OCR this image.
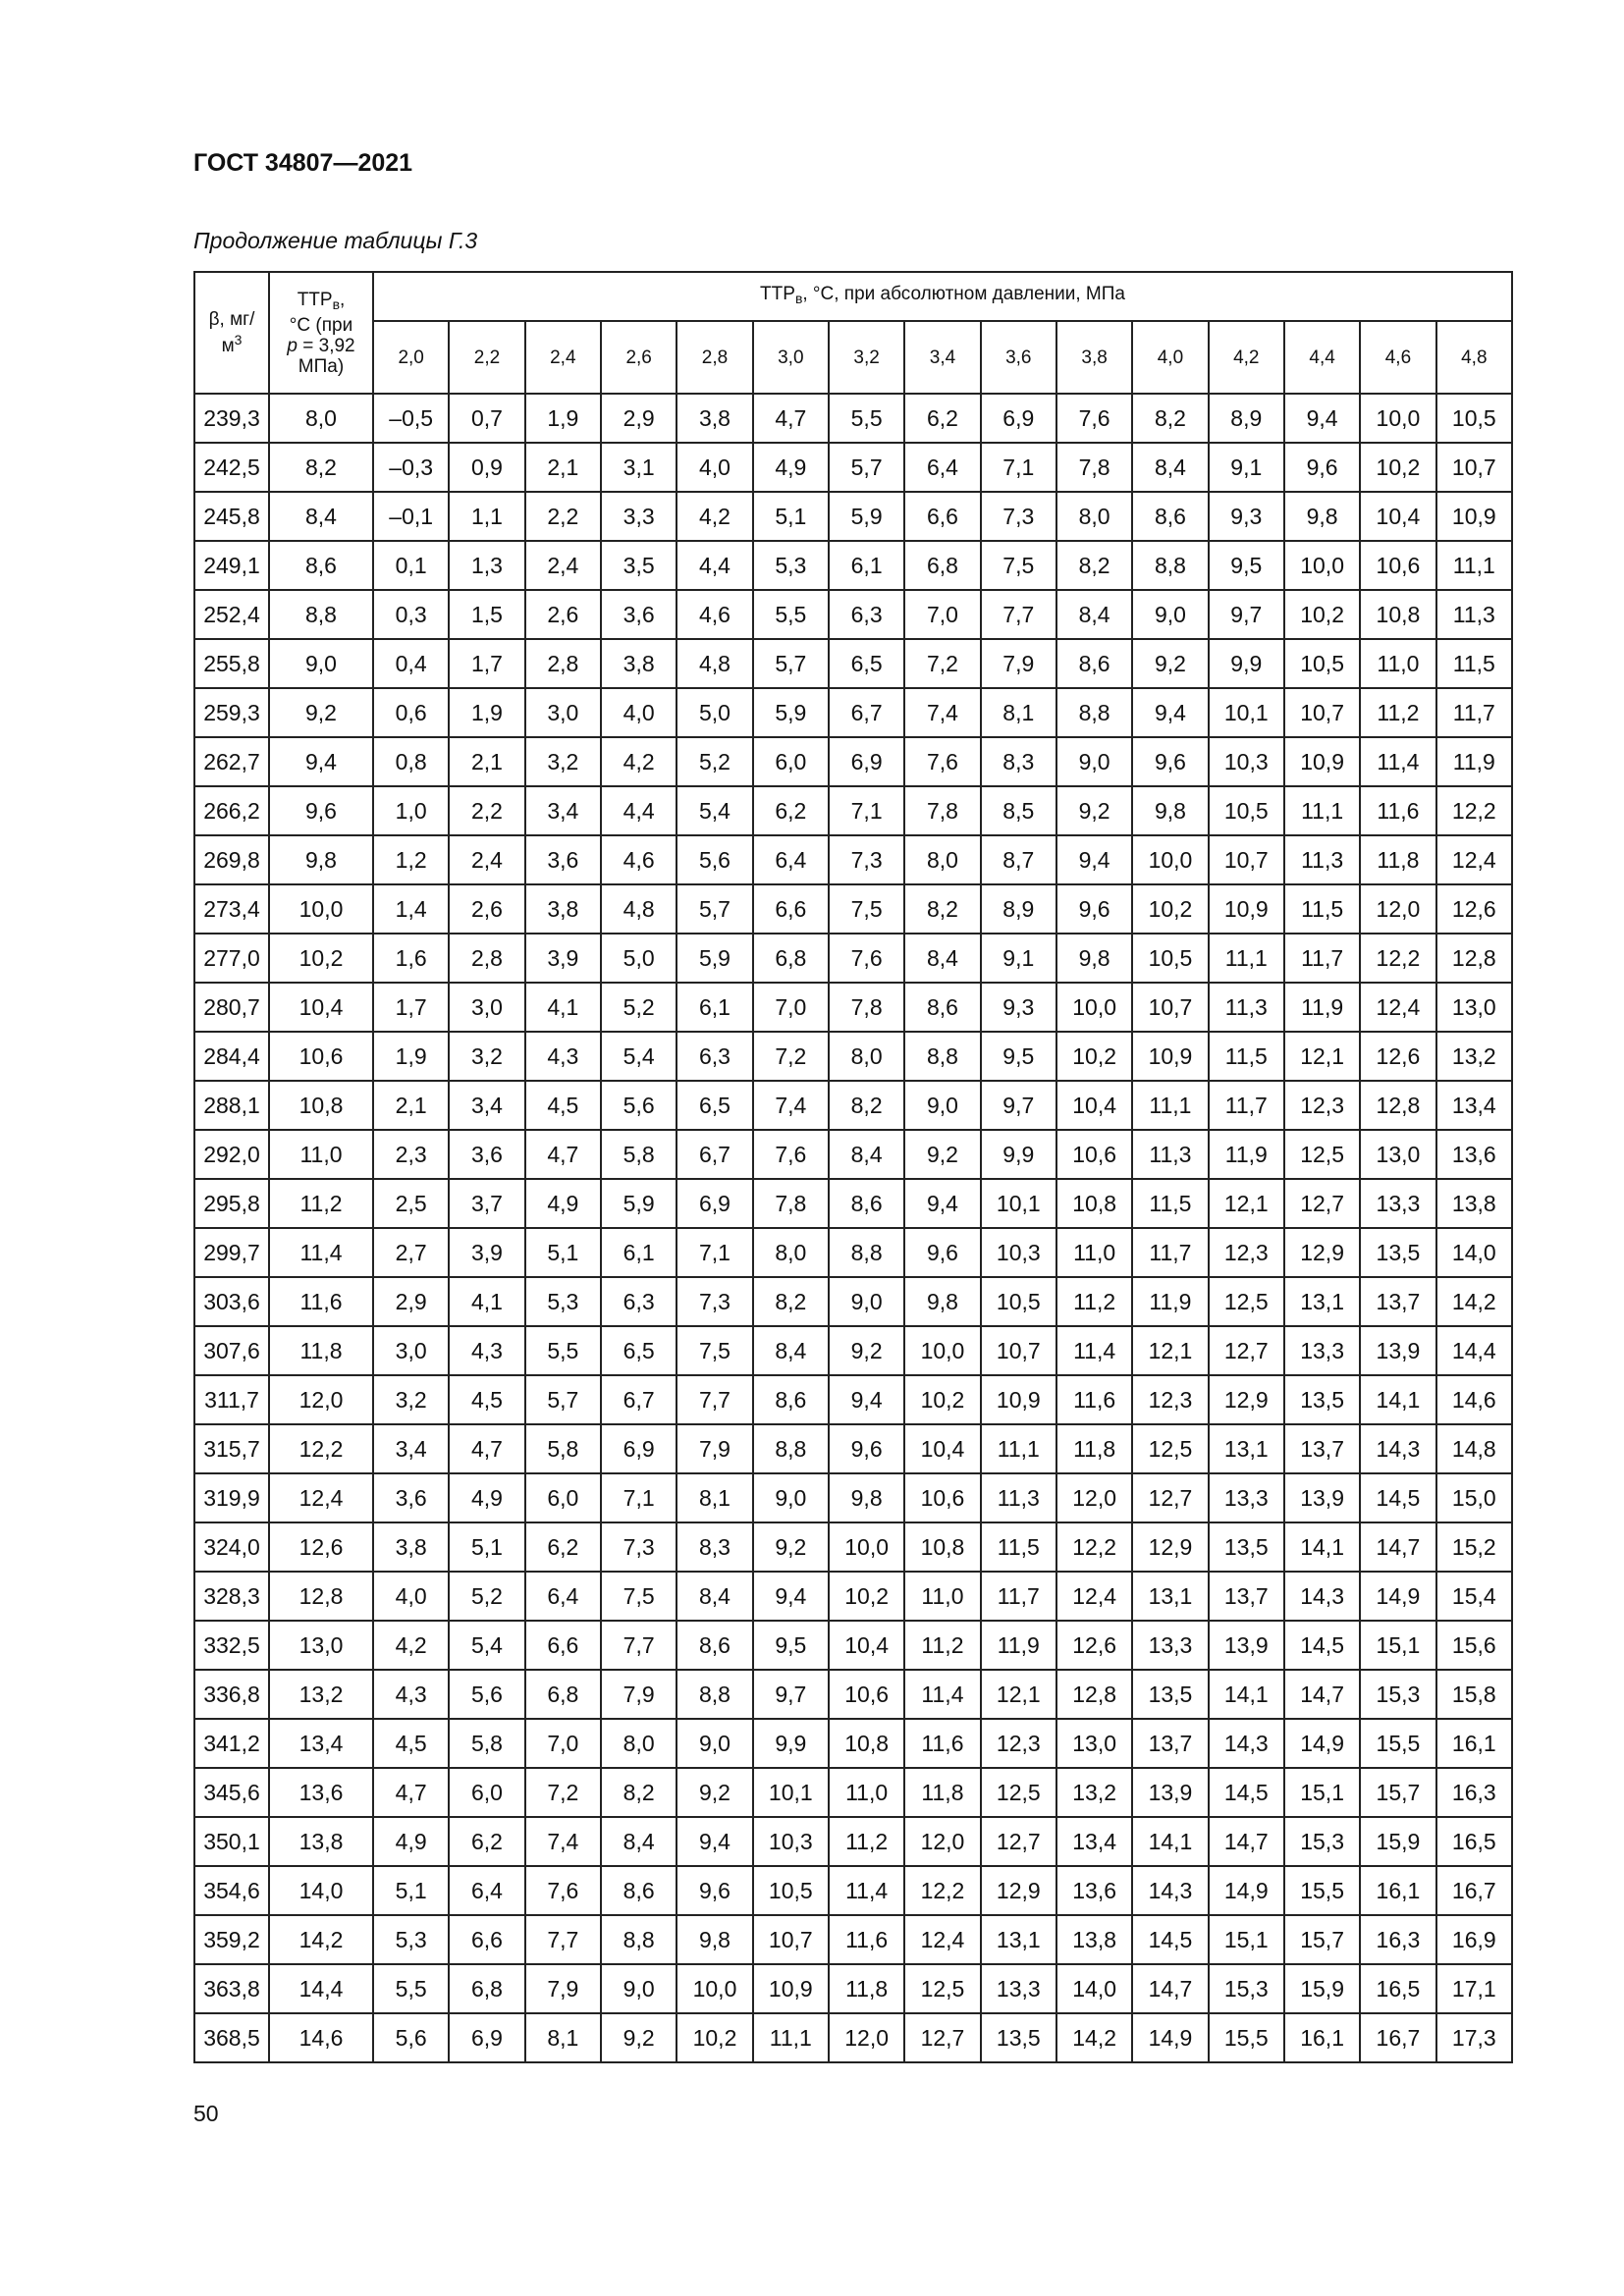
ГОСТ 34807—2021
Продолжение таблицы Г.3
β, мг/
$м^3$	$ТТР_в$,
°С (при
p = 3,92
МПа)	$ТТР_в$, °С, при абсолютном давлении, МПа														
		2,0	2,2	2,4	2,6	2,8	3,0	3,2	3,4	3,6	3,8	4,0	4,2	4,4	4,6	4,8
239,3	8,0	–0,5	0,7	1,9	2,9	3,8	4,7	5,5	6,2	6,9	7,6	8,2	8,9	9,4	10,0	10,5
242,5	8,2	–0,3	0,9	2,1	3,1	4,0	4,9	5,7	6,4	7,1	7,8	8,4	9,1	9,6	10,2	10,7
245,8	8,4	–0,1	1,1	2,2	3,3	4,2	5,1	5,9	6,6	7,3	8,0	8,6	9,3	9,8	10,4	10,9
249,1	8,6	0,1	1,3	2,4	3,5	4,4	5,3	6,1	6,8	7,5	8,2	8,8	9,5	10,0	10,6	11,1
252,4	8,8	0,3	1,5	2,6	3,6	4,6	5,5	6,3	7,0	7,7	8,4	9,0	9,7	10,2	10,8	11,3
255,8	9,0	0,4	1,7	2,8	3,8	4,8	5,7	6,5	7,2	7,9	8,6	9,2	9,9	10,5	11,0	11,5
259,3	9,2	0,6	1,9	3,0	4,0	5,0	5,9	6,7	7,4	8,1	8,8	9,4	10,1	10,7	11,2	11,7
262,7	9,4	0,8	2,1	3,2	4,2	5,2	6,0	6,9	7,6	8,3	9,0	9,6	10,3	10,9	11,4	11,9
266,2	9,6	1,0	2,2	3,4	4,4	5,4	6,2	7,1	7,8	8,5	9,2	9,8	10,5	11,1	11,6	12,2
269,8	9,8	1,2	2,4	3,6	4,6	5,6	6,4	7,3	8,0	8,7	9,4	10,0	10,7	11,3	11,8	12,4
273,4	10,0	1,4	2,6	3,8	4,8	5,7	6,6	7,5	8,2	8,9	9,6	10,2	10,9	11,5	12,0	12,6
277,0	10,2	1,6	2,8	3,9	5,0	5,9	6,8	7,6	8,4	9,1	9,8	10,5	11,1	11,7	12,2	12,8
280,7	10,4	1,7	3,0	4,1	5,2	6,1	7,0	7,8	8,6	9,3	10,0	10,7	11,3	11,9	12,4	13,0
284,4	10,6	1,9	3,2	4,3	5,4	6,3	7,2	8,0	8,8	9,5	10,2	10,9	11,5	12,1	12,6	13,2
288,1	10,8	2,1	3,4	4,5	5,6	6,5	7,4	8,2	9,0	9,7	10,4	11,1	11,7	12,3	12,8	13,4
292,0	11,0	2,3	3,6	4,7	5,8	6,7	7,6	8,4	9,2	9,9	10,6	11,3	11,9	12,5	13,0	13,6
295,8	11,2	2,5	3,7	4,9	5,9	6,9	7,8	8,6	9,4	10,1	10,8	11,5	12,1	12,7	13,3	13,8
299,7	11,4	2,7	3,9	5,1	6,1	7,1	8,0	8,8	9,6	10,3	11,0	11,7	12,3	12,9	13,5	14,0
303,6	11,6	2,9	4,1	5,3	6,3	7,3	8,2	9,0	9,8	10,5	11,2	11,9	12,5	13,1	13,7	14,2
307,6	11,8	3,0	4,3	5,5	6,5	7,5	8,4	9,2	10,0	10,7	11,4	12,1	12,7	13,3	13,9	14,4
311,7	12,0	3,2	4,5	5,7	6,7	7,7	8,6	9,4	10,2	10,9	11,6	12,3	12,9	13,5	14,1	14,6
315,7	12,2	3,4	4,7	5,8	6,9	7,9	8,8	9,6	10,4	11,1	11,8	12,5	13,1	13,7	14,3	14,8
319,9	12,4	3,6	4,9	6,0	7,1	8,1	9,0	9,8	10,6	11,3	12,0	12,7	13,3	13,9	14,5	15,0
324,0	12,6	3,8	5,1	6,2	7,3	8,3	9,2	10,0	10,8	11,5	12,2	12,9	13,5	14,1	14,7	15,2
328,3	12,8	4,0	5,2	6,4	7,5	8,4	9,4	10,2	11,0	11,7	12,4	13,1	13,7	14,3	14,9	15,4
332,5	13,0	4,2	5,4	6,6	7,7	8,6	9,5	10,4	11,2	11,9	12,6	13,3	13,9	14,5	15,1	15,6
336,8	13,2	4,3	5,6	6,8	7,9	8,8	9,7	10,6	11,4	12,1	12,8	13,5	14,1	14,7	15,3	15,8
341,2	13,4	4,5	5,8	7,0	8,0	9,0	9,9	10,8	11,6	12,3	13,0	13,7	14,3	14,9	15,5	16,1
345,6	13,6	4,7	6,0	7,2	8,2	9,2	10,1	11,0	11,8	12,5	13,2	13,9	14,5	15,1	15,7	16,3
350,1	13,8	4,9	6,2	7,4	8,4	9,4	10,3	11,2	12,0	12,7	13,4	14,1	14,7	15,3	15,9	16,5
354,6	14,0	5,1	6,4	7,6	8,6	9,6	10,5	11,4	12,2	12,9	13,6	14,3	14,9	15,5	16,1	16,7
359,2	14,2	5,3	6,6	7,7	8,8	9,8	10,7	11,6	12,4	13,1	13,8	14,5	15,1	15,7	16,3	16,9
363,8	14,4	5,5	6,8	7,9	9,0	10,0	10,9	11,8	12,5	13,3	14,0	14,7	15,3	15,9	16,5	17,1
368,5	14,6	5,6	6,9	8,1	9,2	10,2	11,1	12,0	12,7	13,5	14,2	14,9	15,5	16,1	16,7	17,3
50
